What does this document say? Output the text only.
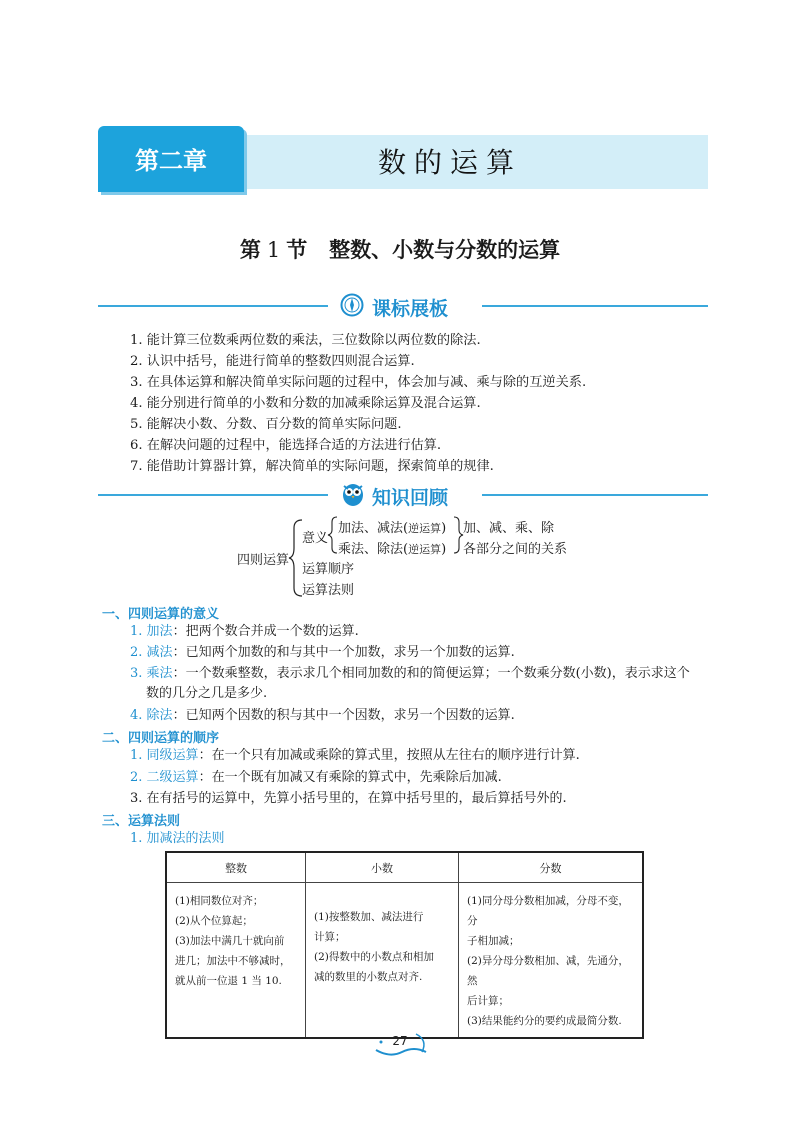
第二章	数的运算
第 1 节 整数、小数与分数的运算
课标展板
1. 能计算三位数乘两位数的乘法，三位数除以两位数的除法.
2. 认识中括号，能进行简单的整数四则混合运算.
3. 在具体运算和解决简单实际问题的过程中，体会加与减、乘与除的互逆关系.
4. 能分别进行简单的小数和分数的加减乘除运算及混合运算.
5. 能解决小数、分数、百分数的简单实际问题.
6. 在解决问题的过程中，能选择合适的方法进行估算.
7. 能借助计算器计算，解决简单的实际问题，探索简单的规律.
知识回顾
四则运算
意义
加法、减法(逆运算)
乘法、除法(逆运算)
加、减、乘、除
各部分之间的关系
运算顺序
运算法则
一、四则运算的意义
1. 加法：把两个数合并成一个数的运算.
2. 减法：已知两个加数的和与其中一个加数，求另一个加数的运算.
3. 乘法：一个数乘整数，表示求几个相同加数的和的简便运算；一个数乘分数(小数)，表示求这个
数的几分之几是多少.
4. 除法：已知两个因数的积与其中一个因数，求另一个因数的运算.
二、四则运算的顺序
1. 同级运算：在一个只有加减或乘除的算式里，按照从左往右的顺序进行计算.
2. 二级运算：在一个既有加减又有乘除的算式中，先乘除后加减.
3. 在有括号的运算中，先算小括号里的，在算中括号里的，最后算括号外的.
三、运算法则
1. 加减法的法则
整数	小数	分数

(1)相同数位对齐；
(2)从个位算起；
(3)加法中满几十就向前
进几；加法中不够减时，
就从前一位退 1 当 10.	(1)按整数加、减法进行
计算；
(2)得数中的小数点和相加
减的数里的小数点对齐.	(1)同分母分数相加减，分母不变，分
子相加减；
(2)异分母分数相加、减，先通分，然
后计算；
(3)结果能约分的要约成最简分数.
27
